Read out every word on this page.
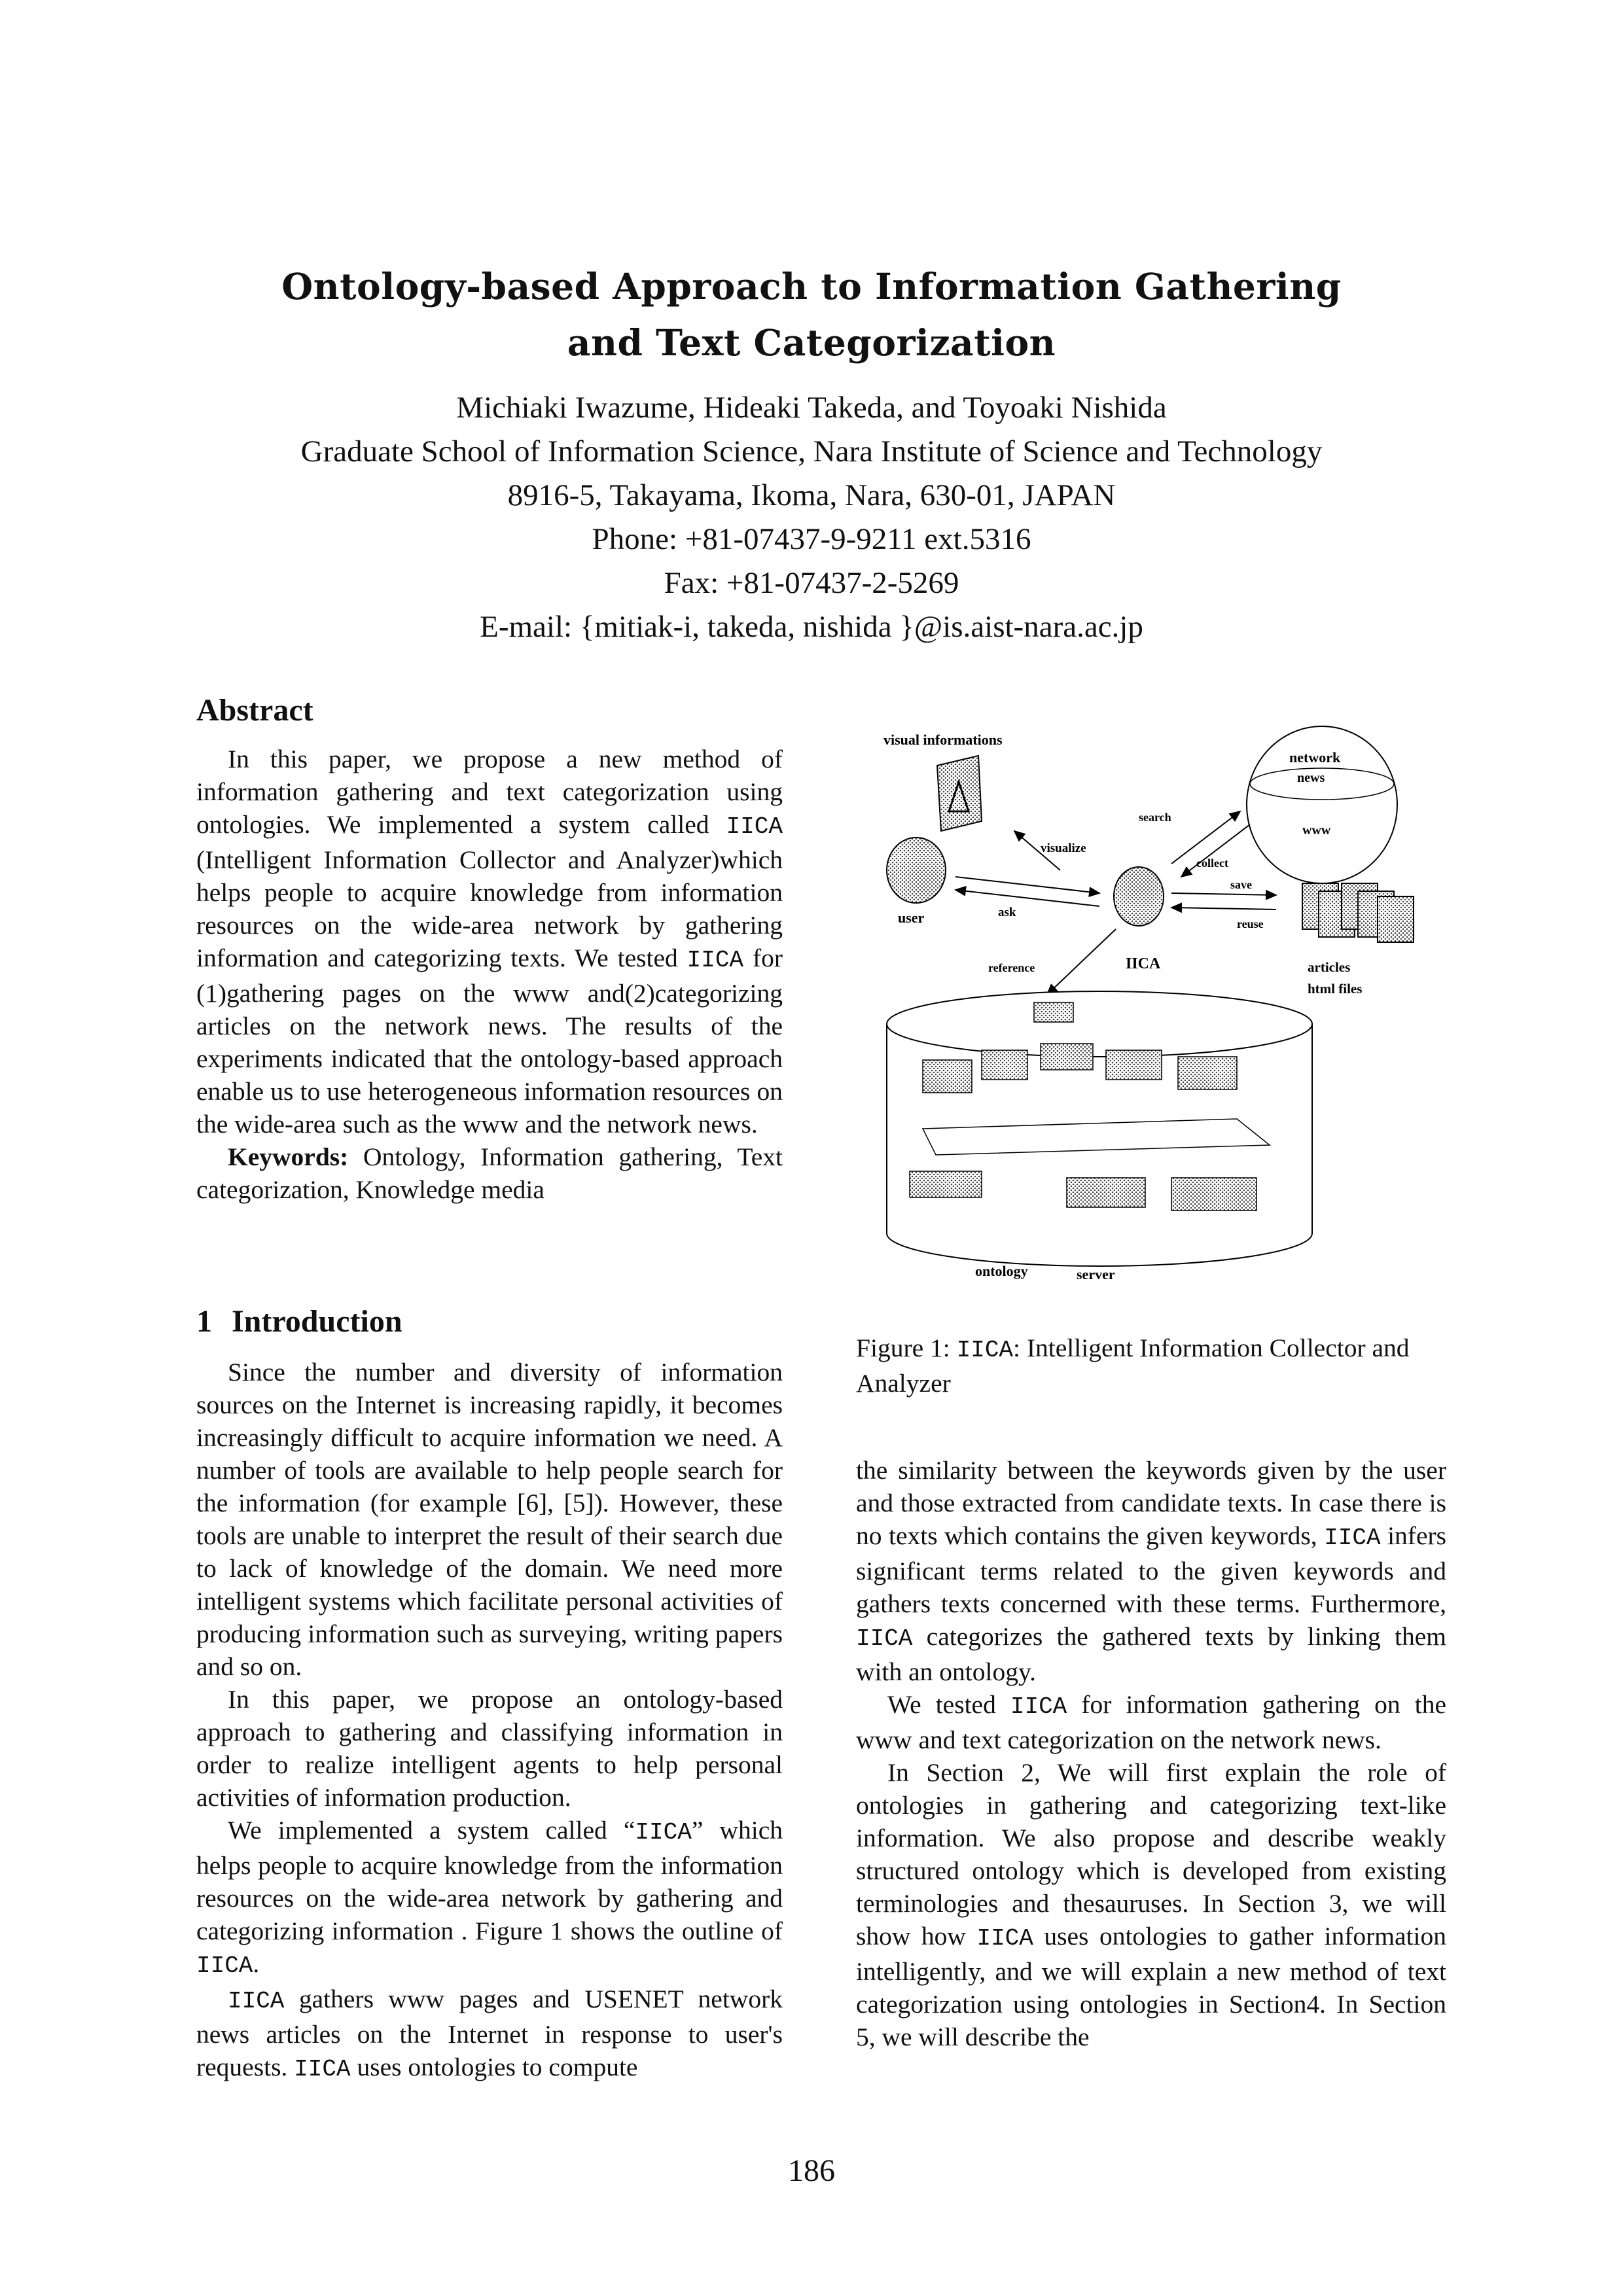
Ontology-based Approach to Information Gathering
and Text Categorization
Michiaki Iwazume, Hideaki Takeda, and Toyoaki Nishida
Graduate School of Information Science, Nara Institute of Science and Technology
8916-5, Takayama, Ikoma, Nara, 630-01, JAPAN
Phone: +81-07437-9-9211 ext.5316
Fax: +81-07437-2-5269
E-mail: {mitiak-i, takeda, nishida }@is.aist-nara.ac.jp
Abstract

In this paper, we propose a new method of information gathering and text categorization using ontologies. We implemented a system called IICA (Intelligent Information Collector and Analyzer)which helps people to acquire knowledge from information resources on the wide-area network by gathering information and categorizing texts. We tested IICA for (1)gathering pages on the www and(2)categorizing articles on the network news. The results of the experiments indicated that the ontology-based approach enable us to use heterogeneous information resources on the wide-area such as the www and the network news.

Keywords: Ontology, Information gathering, Text categorization, Knowledge media

1 Introduction

Since the number and diversity of information sources on the Internet is increasing rapidly, it becomes increasingly difficult to acquire information we need. A number of tools are available to help people search for the information (for example [6], [5]). However, these tools are unable to interpret the result of their search due to lack of knowledge of the domain. We need more intelligent systems which facilitate personal activities of producing information such as surveying, writing papers and so on.

In this paper, we propose an ontology-based approach to gathering and classifying information in order to realize intelligent agents to help personal activities of information production.

We implemented a system called “IICA” which helps people to acquire knowledge from the information resources on the wide-area network by gathering and categorizing information . Figure 1 shows the outline of IICA.

IICA gathers www pages and USENET network news articles on the Internet in response to user's requests. IICA uses ontologies to compute

visual informations
user
IICA
ask
visualize
network
news
www
search
collect
save
reuse
articles
html files
reference
ontology	server
Figure 1: IICA: Intelligent Information Collector and Analyzer

the similarity between the keywords given by the user and those extracted from candidate texts. In case there is no texts which contains the given keywords, IICA infers significant terms related to the given keywords and gathers texts concerned with these terms. Furthermore, IICA categorizes the gathered texts by linking them with an ontology.

We tested IICA for information gathering on the www and text categorization on the network news.

In Section 2, We will first explain the role of ontologies in gathering and categorizing text-like information. We also propose and describe weakly structured ontology which is developed from existing terminologies and thesauruses. In Section 3, we will show how IICA uses ontologies to gather information intelligently, and we will explain a new method of text categorization using ontologies in Section4. In Section 5, we will describe the

186
